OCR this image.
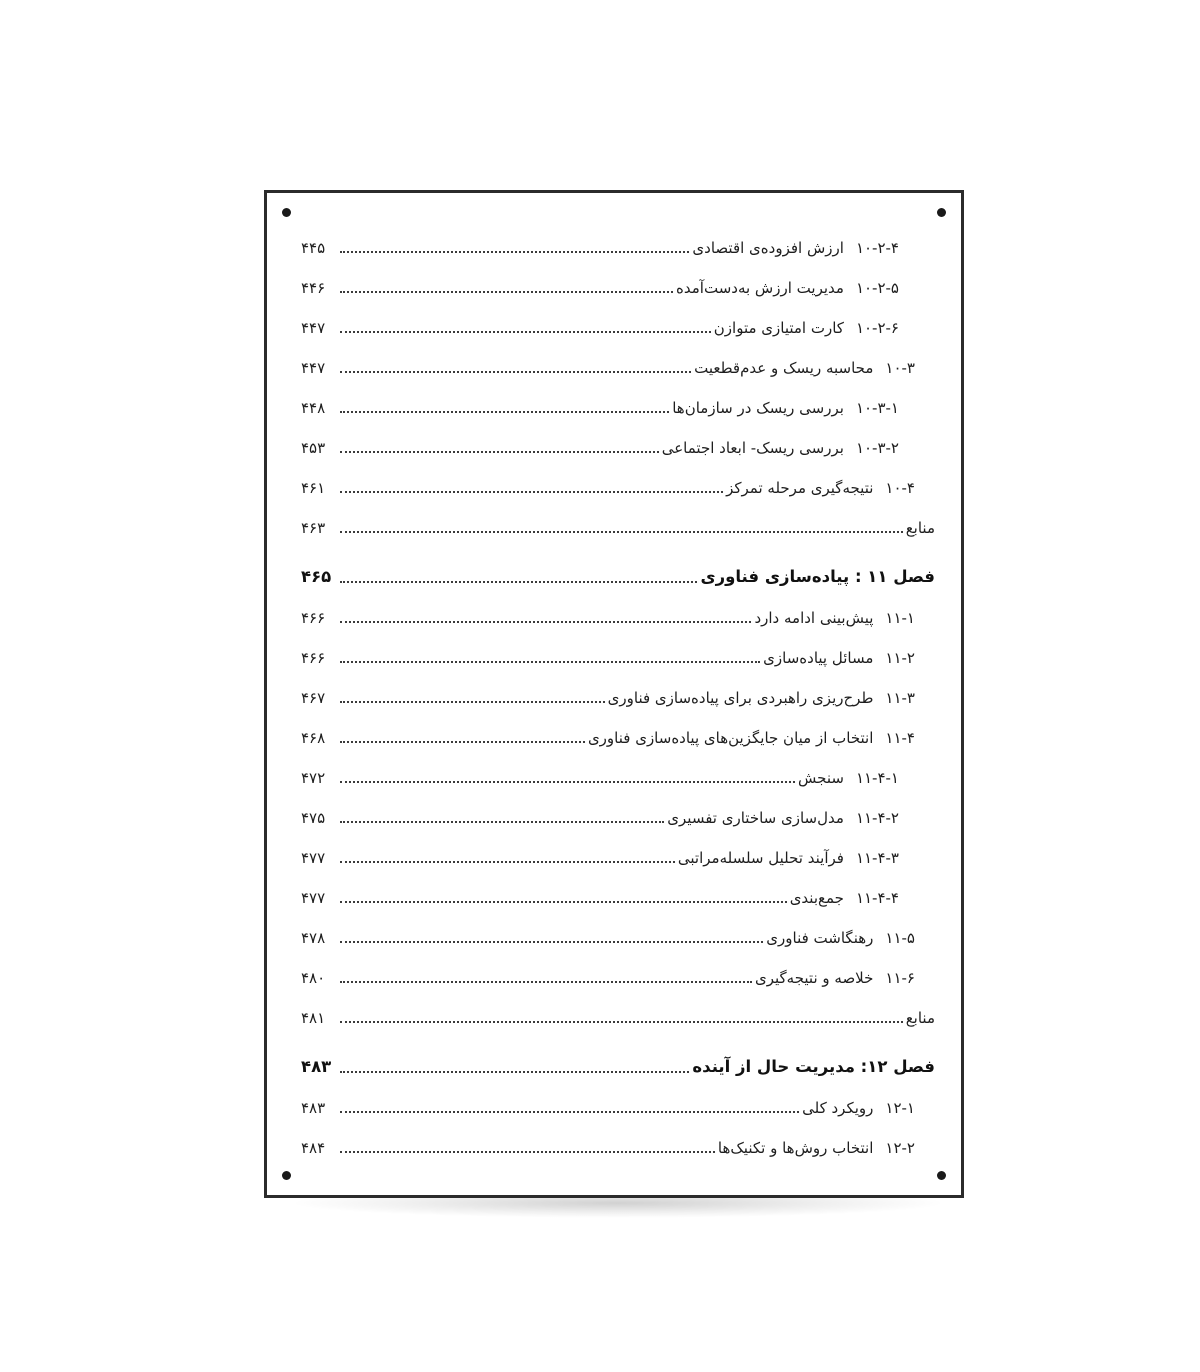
۱۰-۲-۴
ارزش افزوده‌ی اقتصادی
۴۴۵
۱۰-۲-۵
مدیریت ارزش به‌دست‌آمده
۴۴۶
۱۰-۲-۶
کارت امتیازی متوازن
۴۴۷
۱۰-۳
محاسبه ریسک و عدم‌قطعیت
۴۴۷
۱۰-۳-۱
بررسی ریسک در سازمان‌ها
۴۴۸
۱۰-۳-۲
بررسی ریسک- ابعاد اجتماعی
۴۵۳
۱۰-۴
نتیجه‌گیری مرحله تمرکز
۴۶۱
منابع
۴۶۳
فصل ۱۱ : پیاده‌سازی فناوری
۴۶۵
۱۱-۱
پیش‌بینی ادامه دارد
۴۶۶
۱۱-۲
مسائل پیاده‌سازی
۴۶۶
۱۱-۳
طرح‌ریزی راهبردی برای پیاده‌سازی فناوری
۴۶۷
۱۱-۴
انتخاب از میان جایگزین‌های پیاده‌سازی فناوری
۴۶۸
۱۱-۴-۱
سنجش
۴۷۲
۱۱-۴-۲
مدل‌سازی ساختاری تفسیری
۴۷۵
۱۱-۴-۳
فرآیند تحلیل سلسله‌مراتبی
۴۷۷
۱۱-۴-۴
جمع‌بندی
۴۷۷
۱۱-۵
رهنگاشت فناوری
۴۷۸
۱۱-۶
خلاصه و نتیجه‌گیری
۴۸۰
منابع
۴۸۱
فصل ۱۲: مدیریت حال از آینده
۴۸۳
۱۲-۱
رویکرد کلی
۴۸۳
۱۲-۲
انتخاب روش‌ها و تکنیک‌ها
۴۸۴
